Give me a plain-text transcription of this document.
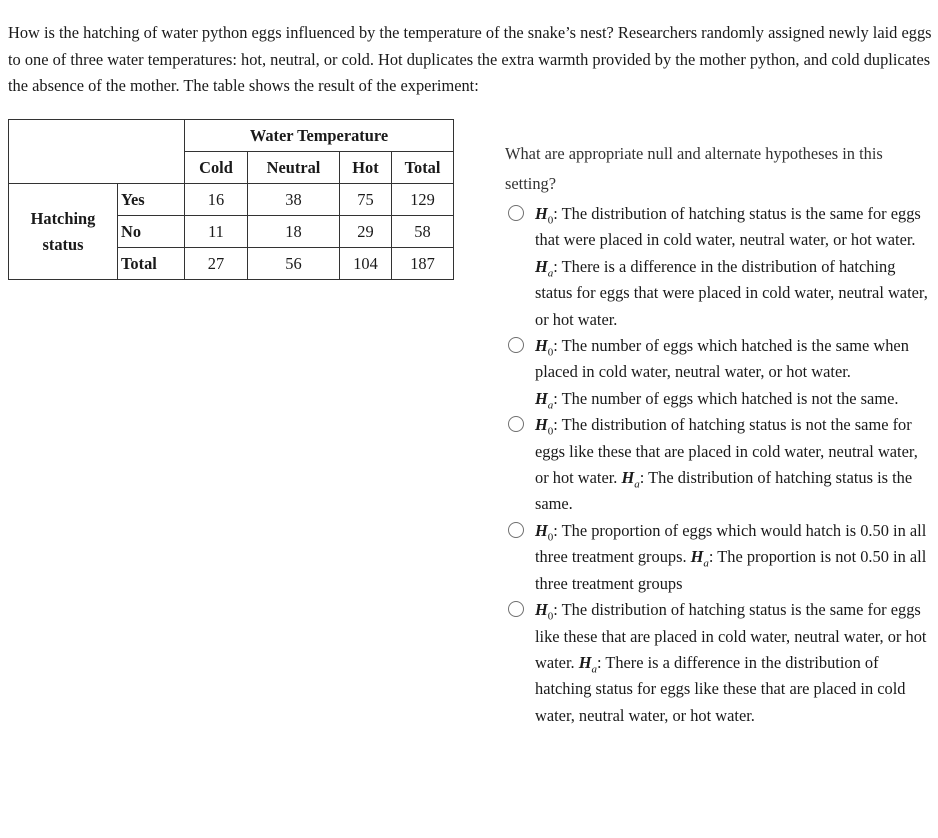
How is the hatching of water python eggs influenced by the temperature of the snake’s nest? Researchers randomly assigned newly laid eggs to one of three water temperatures: hot, neutral, or cold. Hot duplicates the extra warmth provided by the mother python, and cold duplicates the absence of the mother. The table shows the result of the experiment:

		Water Temperature			
		Cold	Neutral	Hot	Total
Hatching
status	Yes	16	38	75	129
	No	11	18	29	58
	Total	27	56	104	187

What are appropriate null and alternate hypotheses in this setting?

$H_0$: The distribution of hatching status is the same for eggs that were placed in cold water, neutral water, or hot water. $H_a$: There is a difference in the distribution of hatching status for eggs that were placed in cold water, neutral water, or hot water.

$H_0$: The number of eggs which hatched is the same when placed in cold water, neutral water, or hot water.

$H_a$: The number of eggs which hatched is not the same.

$H_0$: The distribution of hatching status is not the same for eggs like these that are placed in cold water, neutral water, or hot water. $H_a$: The distribution of hatching status is the same.
$H_0$: The proportion of eggs which would hatch is 0.50 in all three treatment groups. $H_a$: The proportion is not 0.50 in all three treatment groups
$H_0$: The distribution of hatching status is the same for eggs like these that are placed in cold water, neutral water, or hot water. $H_a$: There is a difference in the distribution of hatching status for eggs like these that are placed in cold water, neutral water, or hot water.
